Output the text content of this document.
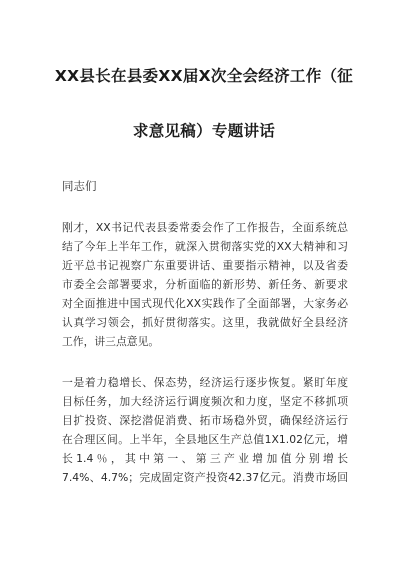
XX县长在县委XX届X次全会经济工作（征
求意见稿）专题讲话
同志们
刚才，XX书记代表县委常委会作了工作报告，全面系统总
结了今年上半年工作，就深入贯彻落实党的XX大精神和习
近平总书记视察广东重要讲话、重要指示精神，以及省委
市委全会部署要求，分析面临的新形势、新任务、新要求
对全面推进中国式现代化XX实践作了全面部署，大家务必
认真学习领会，抓好贯彻落实。这里，我就做好全县经济
工作，讲三点意见。
一是着力稳增长、保态势，经济运行逐步恢复。紧盯年度
目标任务，加大经济运行调度频次和力度，坚定不移抓项
目扩投资、深挖潜促消费、拓市场稳外贸，确保经济运行
在合理区间。上半年，全县地区生产总值1X1.02亿元，增
长1.4％，其中第一、第三产业增加值分别增长
7.4%、4.7%；完成固定资产投资42.37亿元。消费市场回
